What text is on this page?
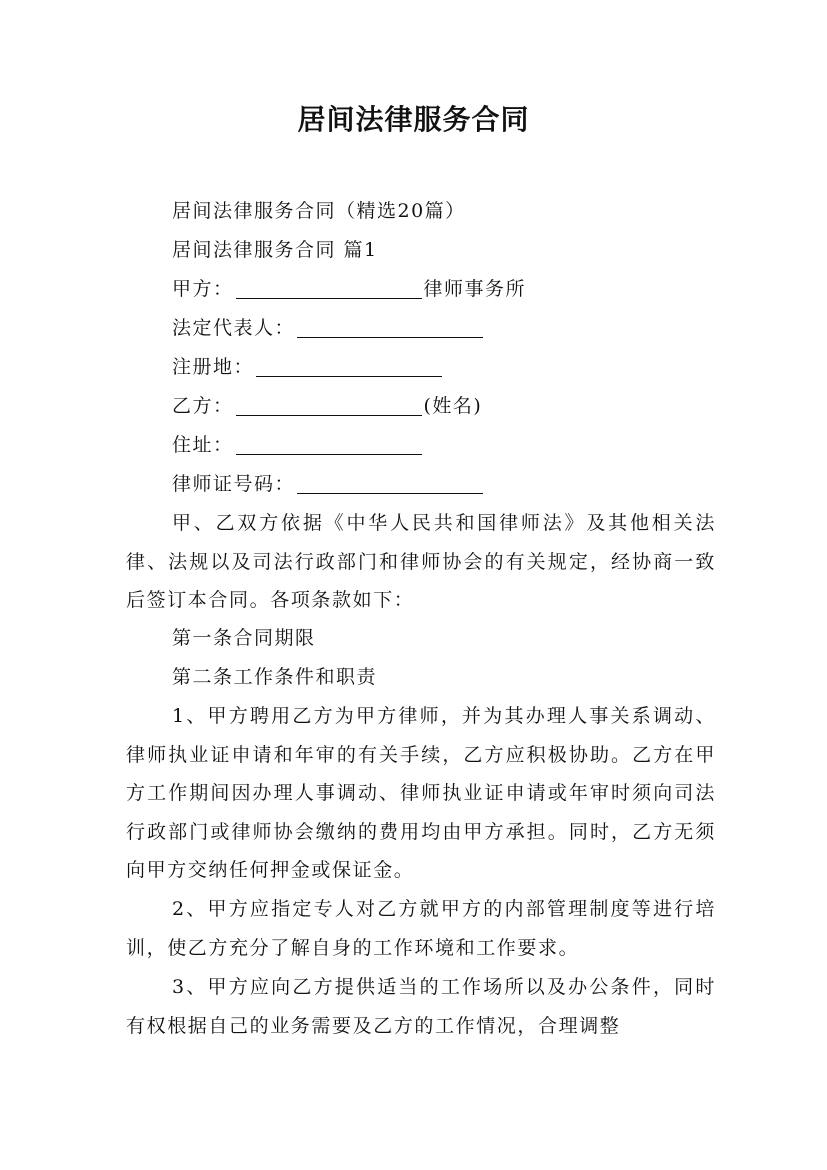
居间法律服务合同
居间法律服务合同（精选20篇）
居间法律服务合同 篇1
甲方：	律师事务所
法定代表人：
注册地：
乙方：	(姓名)
住址：
律师证号码：
甲、乙双方依据《中华人民共和国律师法》及其他相关法律、法规以及司法行政部门和律师协会的有关规定，经协商一致后签订本合同。各项条款如下：
第一条合同期限
第二条工作条件和职责
1、甲方聘用乙方为甲方律师，并为其办理人事关系调动、律师执业证申请和年审的有关手续，乙方应积极协助。乙方在甲方工作期间因办理人事调动、律师执业证申请或年审时须向司法行政部门或律师协会缴纳的费用均由甲方承担。同时，乙方无须向甲方交纳任何押金或保证金。
2、甲方应指定专人对乙方就甲方的内部管理制度等进行培训，使乙方充分了解自身的工作环境和工作要求。
3、甲方应向乙方提供适当的工作场所以及办公条件，同时有权根据自己的业务需要及乙方的工作情况，合理调整
